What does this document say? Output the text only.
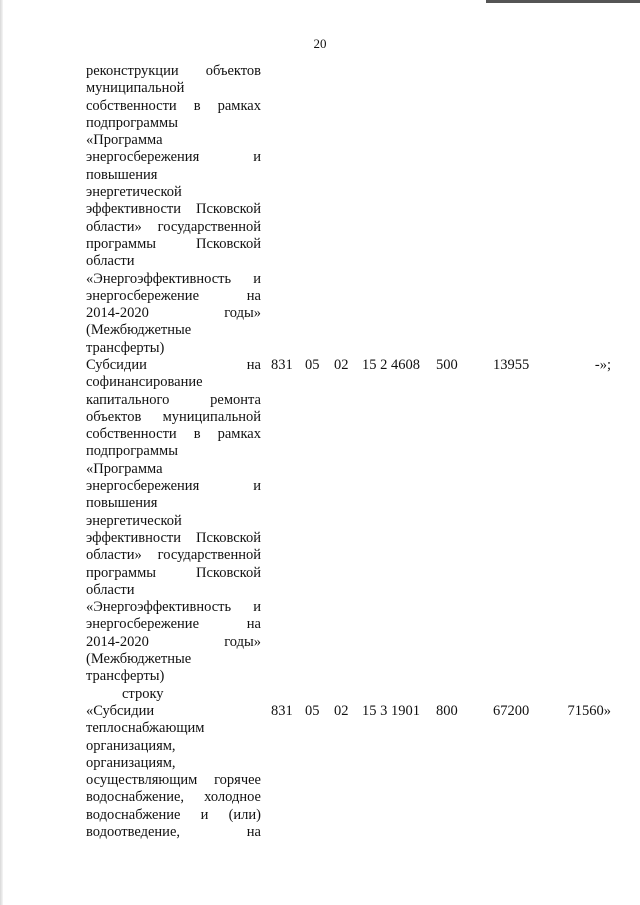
20
реконструкции объектов
муниципальной
собственности в рамках
подпрограммы
«Программа
энергосбережения и
повышения
энергетической
эффективности Псковской
области» государственной
программы Псковской
области
«Энергоэффективность и
энергосбережение на
2014-2020 годы»
(Межбюджетные
трансферты)
Субсидии на
софинансирование
капитального ремонта
объектов муниципальной
собственности в рамках
подпрограммы
«Программа
энергосбережения и
повышения
энергетической
эффективности Псковской
области» государственной
программы Псковской
области
«Энергоэффективность и
энергосбережение на
2014-2020 годы»
(Межбюджетные
трансферты)
831 05 02 15 2 4608 500 13955	-»;
строку
«Субсидии
теплоснабжающим
организациям,
организациям,
осуществляющим горячее
водоснабжение, холодное
водоснабжение и (или)
водоотведение, на
831 05 02 15 3 1901 800 67200	71560»
